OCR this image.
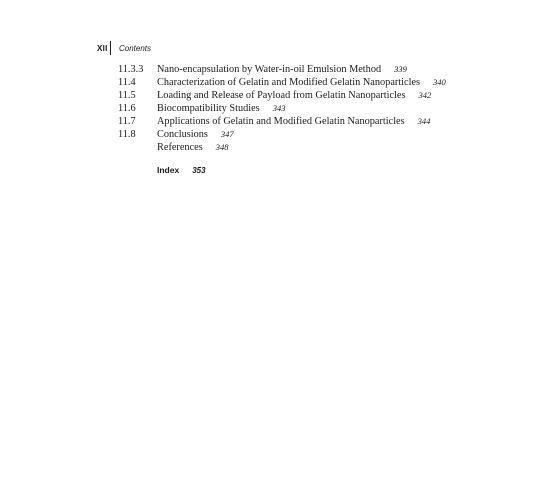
XII Contents
11.3.3	Nano-encapsulation by Water-in-oil Emulsion Method 339
11.4	Characterization of Gelatin and Modified Gelatin Nanoparticles 340
11.5	Loading and Release of Payload from Gelatin Nanoparticles 342
11.6	Biocompatibility Studies 343
11.7	Applications of Gelatin and Modified Gelatin Nanoparticles 344
11.8	Conclusions 347
References 348
Index 353
